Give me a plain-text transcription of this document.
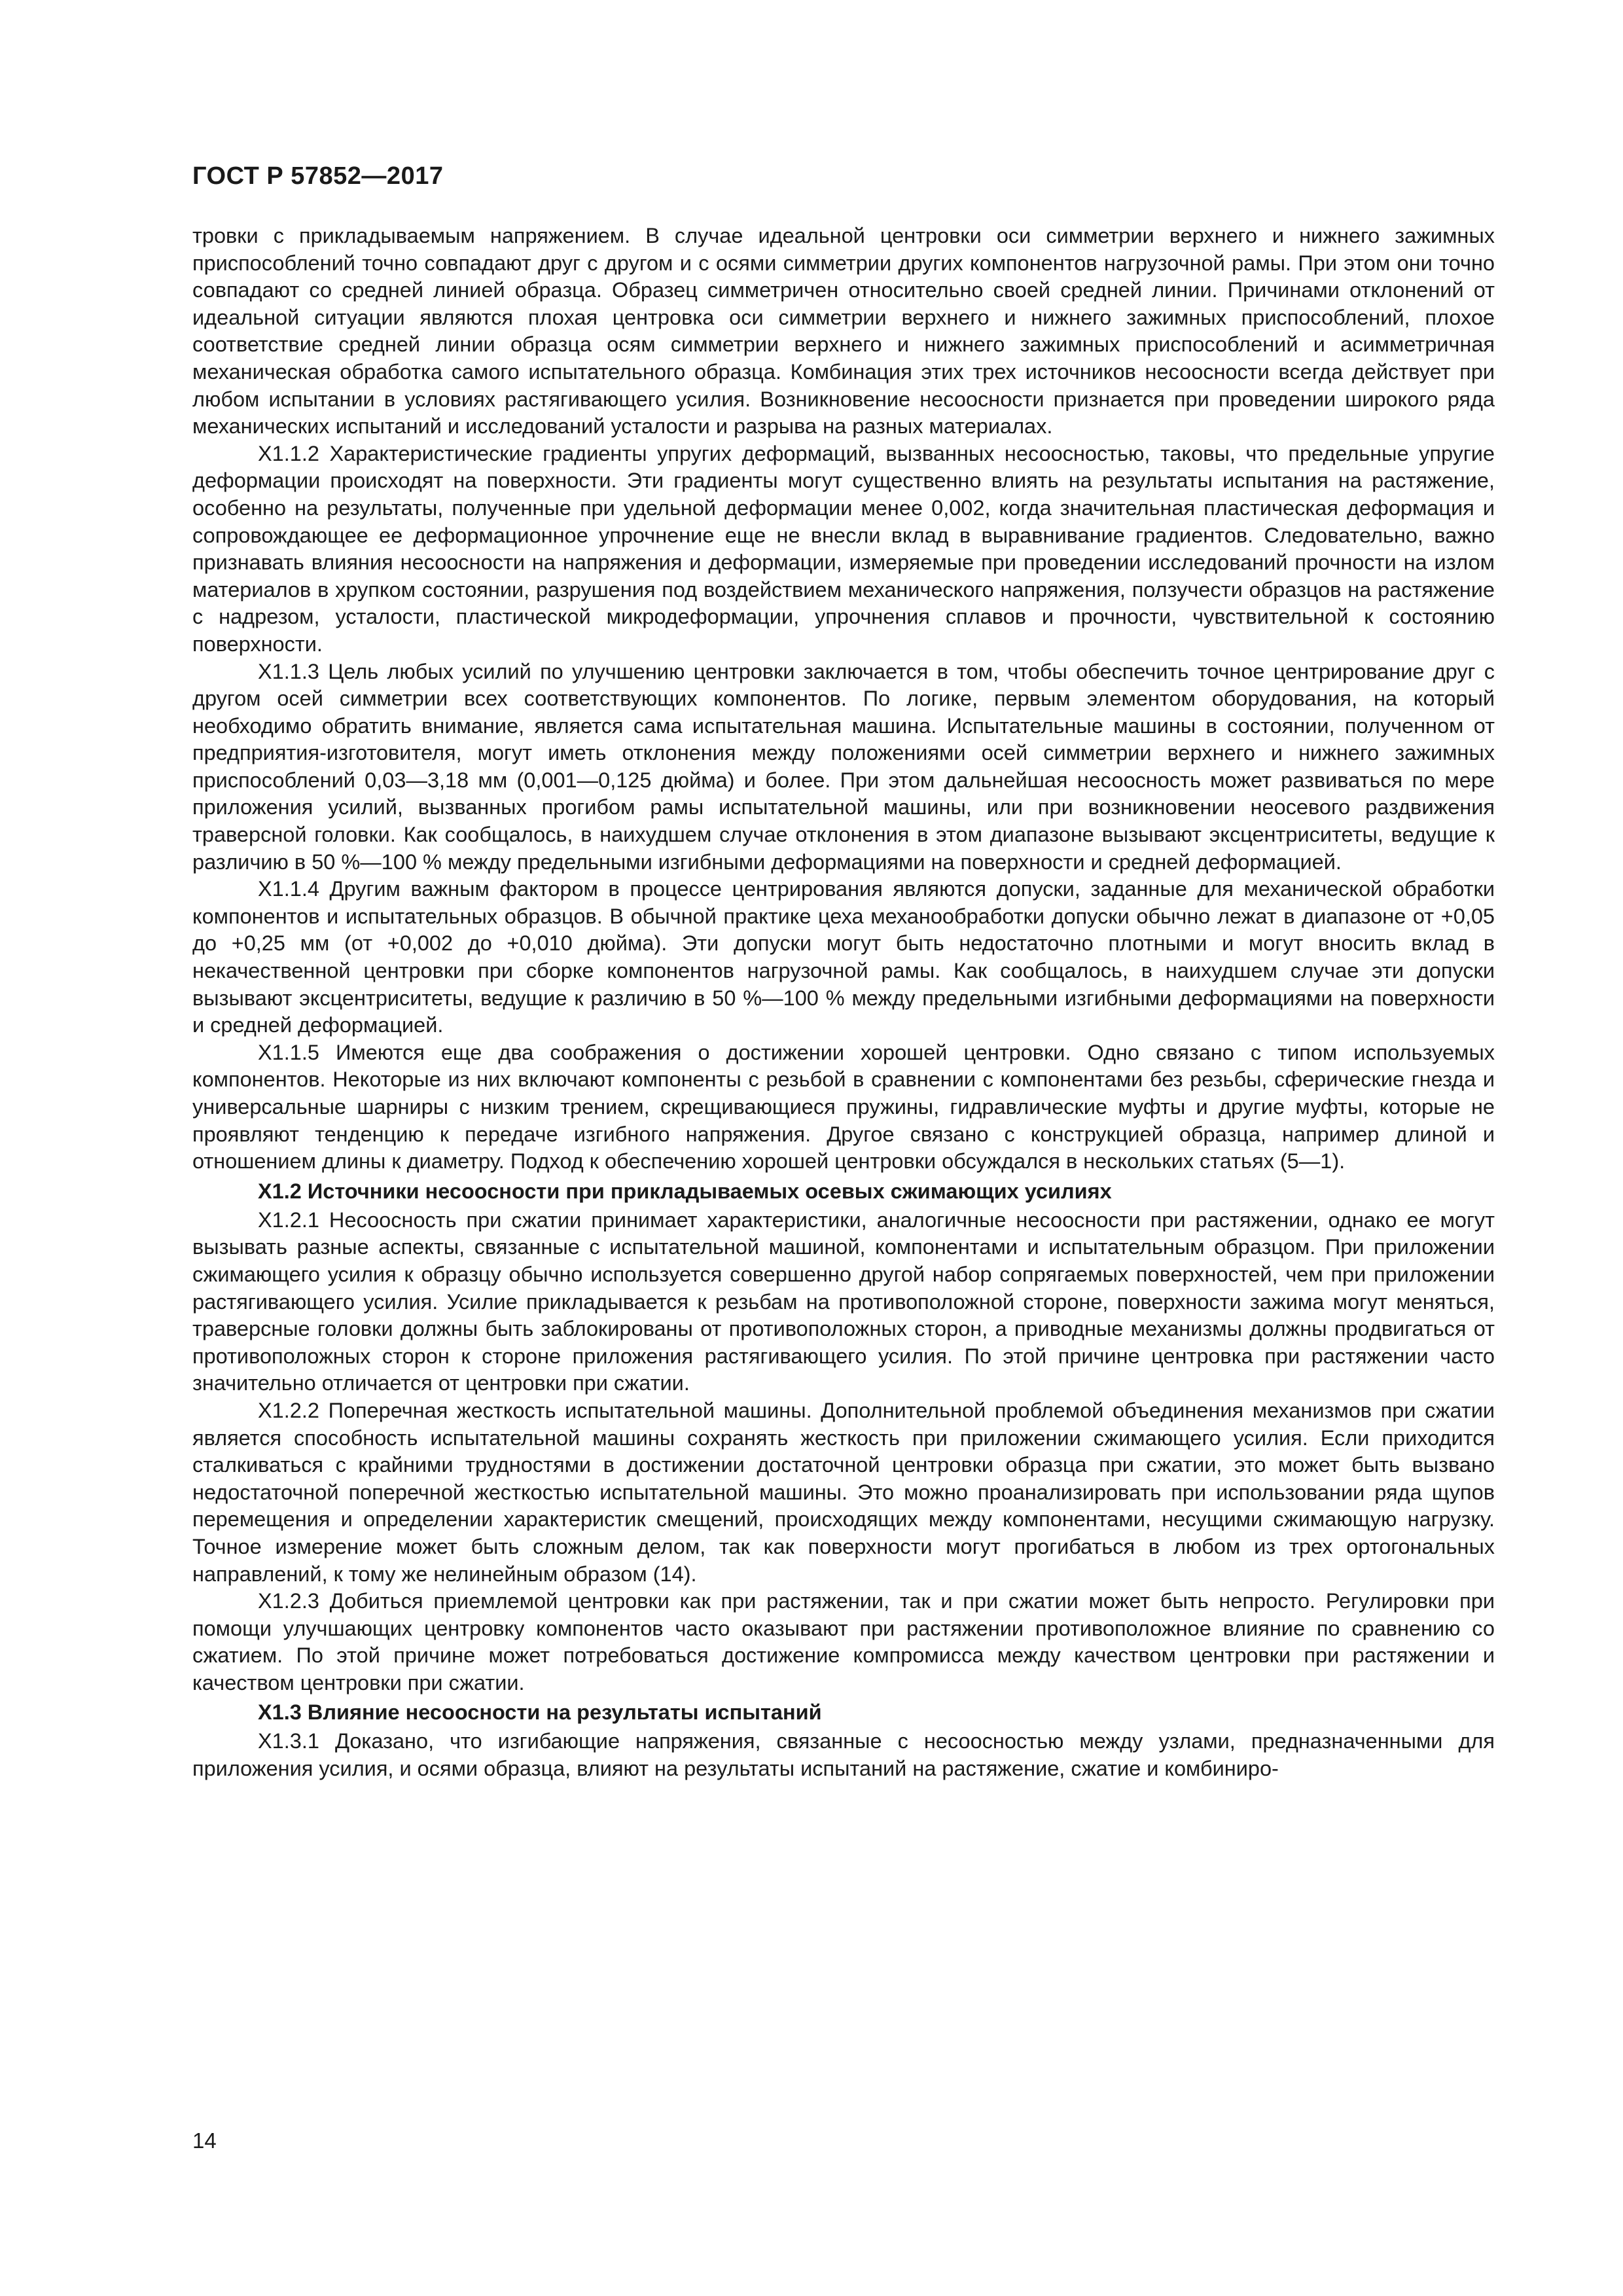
ГОСТ Р 57852—2017

тровки с прикладываемым напряжением. В случае идеальной центровки оси симметрии верхнего и нижнего зажимных приспособлений точно совпадают друг с другом и с осями симметрии других компонентов нагрузочной рамы. При этом они точно совпадают со средней линией образца. Образец симметричен относительно своей средней линии. Причинами отклонений от идеальной ситуации являются плохая центровка оси симметрии верхнего и нижнего зажимных приспособлений, плохое соответствие средней линии образца осям симметрии верхнего и нижнего зажимных приспособлений и асимметричная механическая обработка самого испытательного образца. Комбинация этих трех источников несоосности всегда действует при любом испытании в условиях растягивающего усилия. Возникновение несоосности признается при проведении широкого ряда механических испытаний и исследований усталости и разрыва на разных материалах.

Х1.1.2 Характеристические градиенты упругих деформаций, вызванных несоосностью, таковы, что предельные упругие деформации происходят на поверхности. Эти градиенты могут существенно влиять на результаты испытания на растяжение, особенно на результаты, полученные при удельной деформации менее 0,002, когда значительная пластическая деформация и сопровождающее ее деформационное упрочнение еще не внесли вклад в выравнивание градиентов. Следовательно, важно признавать влияния несоосности на напряжения и деформации, измеряемые при проведении исследований прочности на излом материалов в хрупком состоянии, разрушения под воздействием механического напряжения, ползучести образцов на растяжение с надрезом, усталости, пластической микродеформации, упрочнения сплавов и прочности, чувствительной к состоянию поверхности.

Х1.1.3 Цель любых усилий по улучшению центровки заключается в том, чтобы обеспечить точное центрирование друг с другом осей симметрии всех соответствующих компонентов. По логике, первым элементом оборудования, на который необходимо обратить внимание, является сама испытательная машина. Испытательные машины в состоянии, полученном от предприятия-изготовителя, могут иметь отклонения между положениями осей симметрии верхнего и нижнего зажимных приспособлений 0,03—3,18 мм (0,001—0,125 дюйма) и более. При этом дальнейшая несоосность может развиваться по мере приложения усилий, вызванных прогибом рамы испытательной машины, или при возникновении неосевого раздвижения траверсной головки. Как сообщалось, в наихудшем случае отклонения в этом диапазоне вызывают эксцентриситеты, ведущие к различию в 50 %—100 % между предельными изгибными деформациями на поверхности и средней деформацией.

Х1.1.4 Другим важным фактором в процессе центрирования являются допуски, заданные для механической обработки компонентов и испытательных образцов. В обычной практике цеха механообработки допуски обычно лежат в диапазоне от +0,05 до +0,25 мм (от +0,002 до +0,010 дюйма). Эти допуски могут быть недостаточно плотными и могут вносить вклад в некачественной центровки при сборке компонентов нагрузочной рамы. Как сообщалось, в наихудшем случае эти допуски вызывают эксцентриситеты, ведущие к различию в 50 %—100 % между предельными изгибными деформациями на поверхности и средней деформацией.

Х1.1.5 Имеются еще два соображения о достижении хорошей центровки. Одно связано с типом используемых компонентов. Некоторые из них включают компоненты с резьбой в сравнении с компонентами без резьбы, сферические гнезда и универсальные шарниры с низким трением, скрещивающиеся пружины, гидравлические муфты и другие муфты, которые не проявляют тенденцию к передаче изгибного напряжения. Другое связано с конструкцией образца, например длиной и отношением длины к диаметру. Подход к обеспечению хорошей центровки обсуждался в нескольких статьях (5—1).

Х1.2 Источники несоосности при прикладываемых осевых сжимающих усилиях

Х1.2.1 Несоосность при сжатии принимает характеристики, аналогичные несоосности при растяжении, однако ее могут вызывать разные аспекты, связанные с испытательной машиной, компонентами и испытательным образцом. При приложении сжимающего усилия к образцу обычно используется совершенно другой набор сопрягаемых поверхностей, чем при приложении растягивающего усилия. Усилие прикладывается к резьбам на противоположной стороне, поверхности зажима могут меняться, траверсные головки должны быть заблокированы от противоположных сторон, а приводные механизмы должны продвигаться от противоположных сторон к стороне приложения растягивающего усилия. По этой причине центровка при растяжении часто значительно отличается от центровки при сжатии.

Х1.2.2 Поперечная жесткость испытательной машины. Дополнительной проблемой объединения механизмов при сжатии является способность испытательной машины сохранять жесткость при приложении сжимающего усилия. Если приходится сталкиваться с крайними трудностями в достижении достаточной центровки образца при сжатии, это может быть вызвано недостаточной поперечной жесткостью испытательной машины. Это можно проанализировать при использовании ряда щупов перемещения и определении характеристик смещений, происходящих между компонентами, несущими сжимающую нагрузку. Точное измерение может быть сложным делом, так как поверхности могут прогибаться в любом из трех ортогональных направлений, к тому же нелинейным образом (14).

Х1.2.3 Добиться приемлемой центровки как при растяжении, так и при сжатии может быть непросто. Регулировки при помощи улучшающих центровку компонентов часто оказывают при растяжении противоположное влияние по сравнению со сжатием. По этой причине может потребоваться достижение компромисса между качеством центровки при растяжении и качеством центровки при сжатии.

Х1.3 Влияние несоосности на результаты испытаний

Х1.3.1 Доказано, что изгибающие напряжения, связанные с несоосностью между узлами, предназначенными для приложения усилия, и осями образца, влияют на результаты испытаний на растяжение, сжатие и комбиниро-

14
